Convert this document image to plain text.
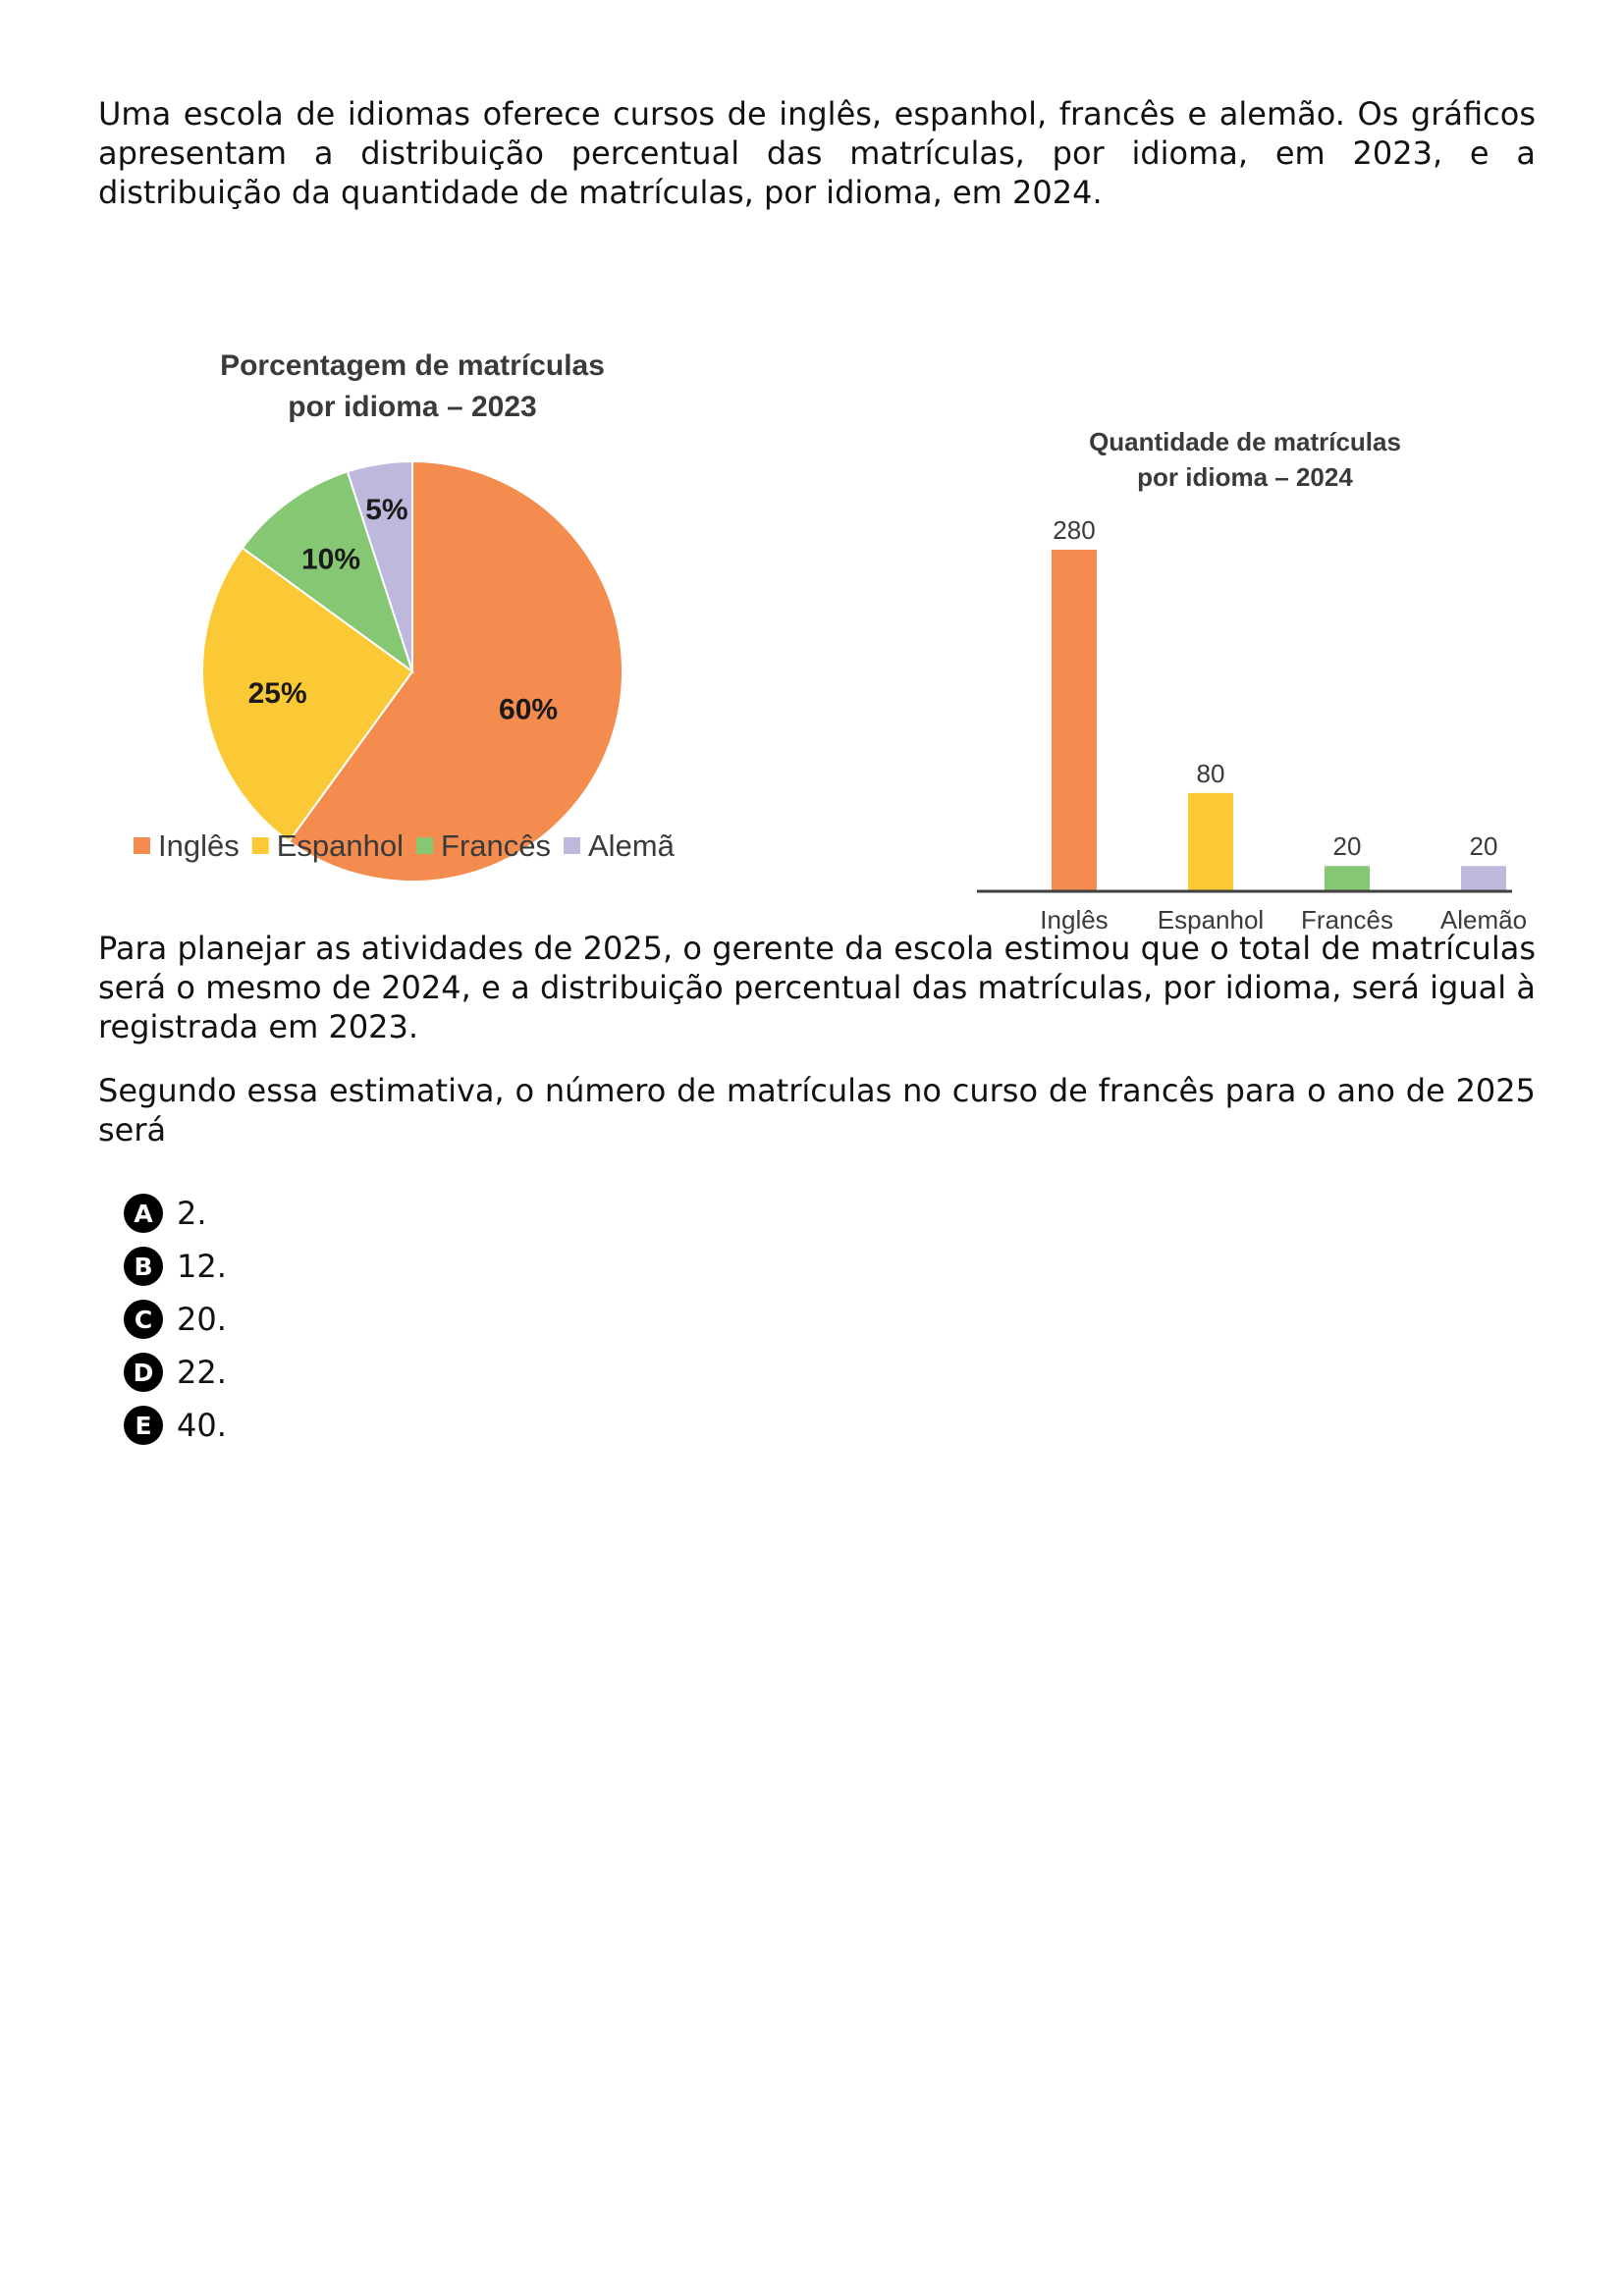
Uma escola de idiomas oferece cursos de inglês, espanhol, francês e alemão. Os gráficos apresentam a distribuição percentual das matrículas, por idioma, em 2023, e a distribuição da quantidade de matrículas, por idioma, em 2024.

Porcentagem de matrículas
por idioma – 2023
60%
25%
10%
5%
Inglês Espanhol Francês Alemã
Quantidade de matrículas
por idioma – 2024
280
Inglês
80
Espanhol
20
Francês
20
Alemão

Para planejar as atividades de 2025, o gerente da escola estimou que o total de matrículas será o mesmo de 2024, e a distribuição percentual das matrículas, por idioma, será igual à registrada em 2023.

Segundo essa estimativa, o número de matrículas no curso de francês para o ano de 2025 será

A 2.
B 12.
C 20.
D 22.
E 40.
